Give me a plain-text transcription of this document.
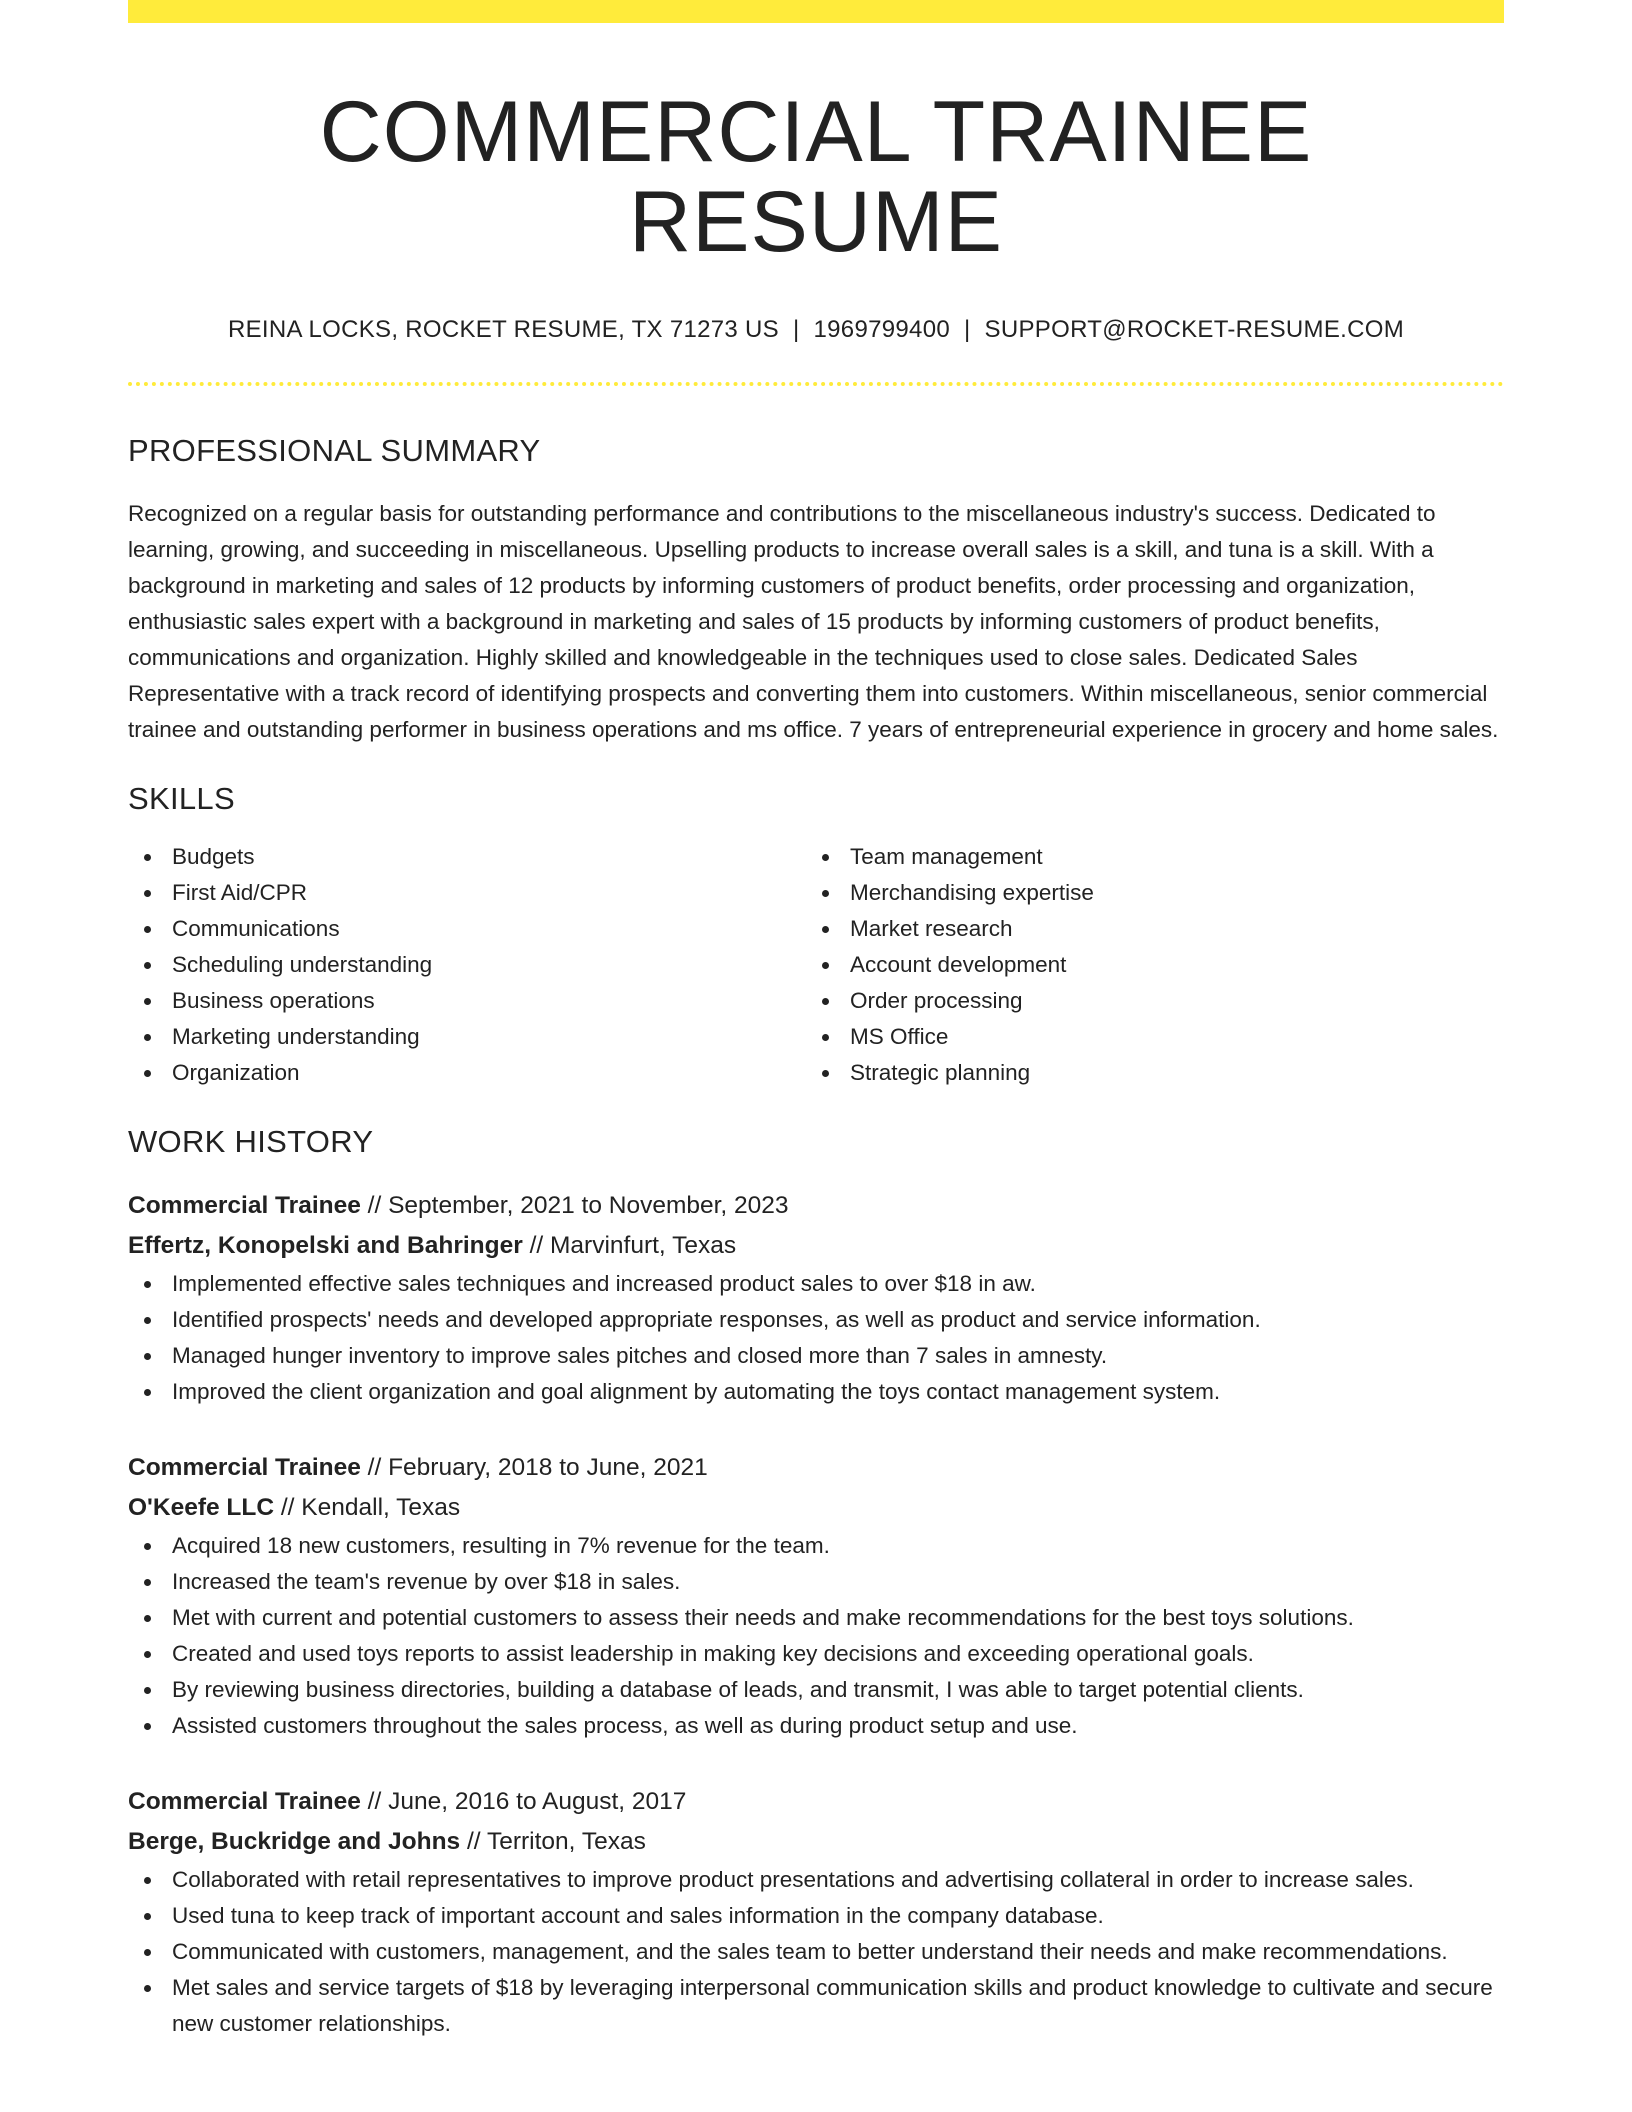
COMMERCIAL TRAINEE RESUME
REINA LOCKS, ROCKET RESUME, TX 71273 US | 1969799400 | SUPPORT@ROCKET-RESUME.COM
PROFESSIONAL SUMMARY

Recognized on a regular basis for outstanding performance and contributions to the miscellaneous industry's success. Dedicated to learning, growing, and succeeding in miscellaneous. Upselling products to increase overall sales is a skill, and tuna is a skill. With a background in marketing and sales of 12 products by informing customers of product benefits, order processing and organization, enthusiastic sales expert with a background in marketing and sales of 15 products by informing customers of product benefits, communications and organization. Highly skilled and knowledgeable in the techniques used to close sales. Dedicated Sales Representative with a track record of identifying prospects and converting them into customers. Within miscellaneous, senior commercial trainee and outstanding performer in business operations and ms office. 7 years of entrepreneurial experience in grocery and home sales.

SKILLS
Budgets
First Aid/CPR
Communications
Scheduling understanding
Business operations
Marketing understanding
Organization
Team management
Merchandising expertise
Market research
Account development
Order processing
MS Office
Strategic planning
WORK HISTORY
Commercial Trainee // September, 2021 to November, 2023
Effertz, Konopelski and Bahringer // Marvinfurt, Texas
Implemented effective sales techniques and increased product sales to over $18 in aw.
Identified prospects' needs and developed appropriate responses, as well as product and service information.
Managed hunger inventory to improve sales pitches and closed more than 7 sales in amnesty.
Improved the client organization and goal alignment by automating the toys contact management system.
Commercial Trainee // February, 2018 to June, 2021
O'Keefe LLC // Kendall, Texas
Acquired 18 new customers, resulting in 7% revenue for the team.
Increased the team's revenue by over $18 in sales.
Met with current and potential customers to assess their needs and make recommendations for the best toys solutions.
Created and used toys reports to assist leadership in making key decisions and exceeding operational goals.
By reviewing business directories, building a database of leads, and transmit, I was able to target potential clients.
Assisted customers throughout the sales process, as well as during product setup and use.
Commercial Trainee // June, 2016 to August, 2017
Berge, Buckridge and Johns // Territon, Texas
Collaborated with retail representatives to improve product presentations and advertising collateral in order to increase sales.
Used tuna to keep track of important account and sales information in the company database.
Communicated with customers, management, and the sales team to better understand their needs and make recommendations.
Met sales and service targets of $18 by leveraging interpersonal communication skills and product knowledge to cultivate and secure new customer relationships.
